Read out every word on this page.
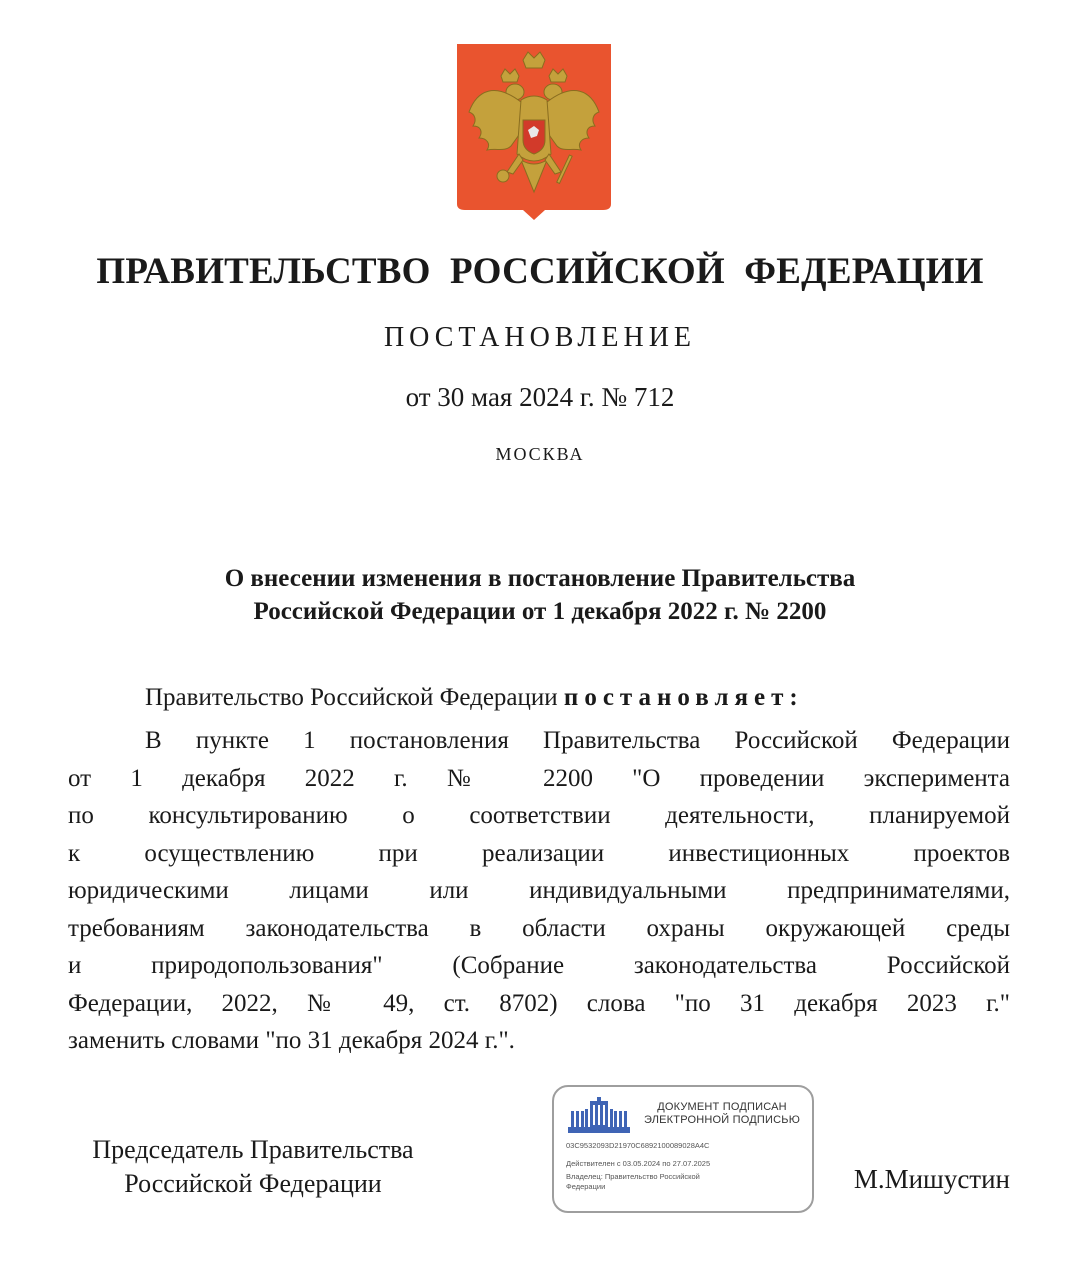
ПРАВИТЕЛЬСТВО РОССИЙСКОЙ ФЕДЕРАЦИИ
ПОСТАНОВЛЕНИЕ
от 30 мая 2024 г. № 712
МОСКВА
О внесении изменения в постановление Правительства
Российской Федерации от 1 декабря 2022 г. № 2200
Правительство Российской Федерации постановляет:
В пункте 1 постановления Правительства Российской Федерации
от 1 декабря 2022 г. № 2200 "О проведении эксперимента
по консультированию о соответствии деятельности, планируемой
к осуществлению при реализации инвестиционных проектов
юридическими лицами или индивидуальными предпринимателями,
требованиям законодательства в области охраны окружающей среды
и природопользования" (Собрание законодательства Российской
Федерации, 2022, № 49, ст. 8702) слова "по 31 декабря 2023 г."
заменить словами "по 31 декабря 2024 г.".
Председатель Правительства
Российской Федерации
ДОКУМЕНТ ПОДПИСАН
ЭЛЕКТРОННОЙ ПОДПИСЬЮ
03C9532093D21970C6892100089028A4C
Действителен с 03.05.2024 по 27.07.2025
Владелец: Правительство Российской
Федерации	М.Мишустин
